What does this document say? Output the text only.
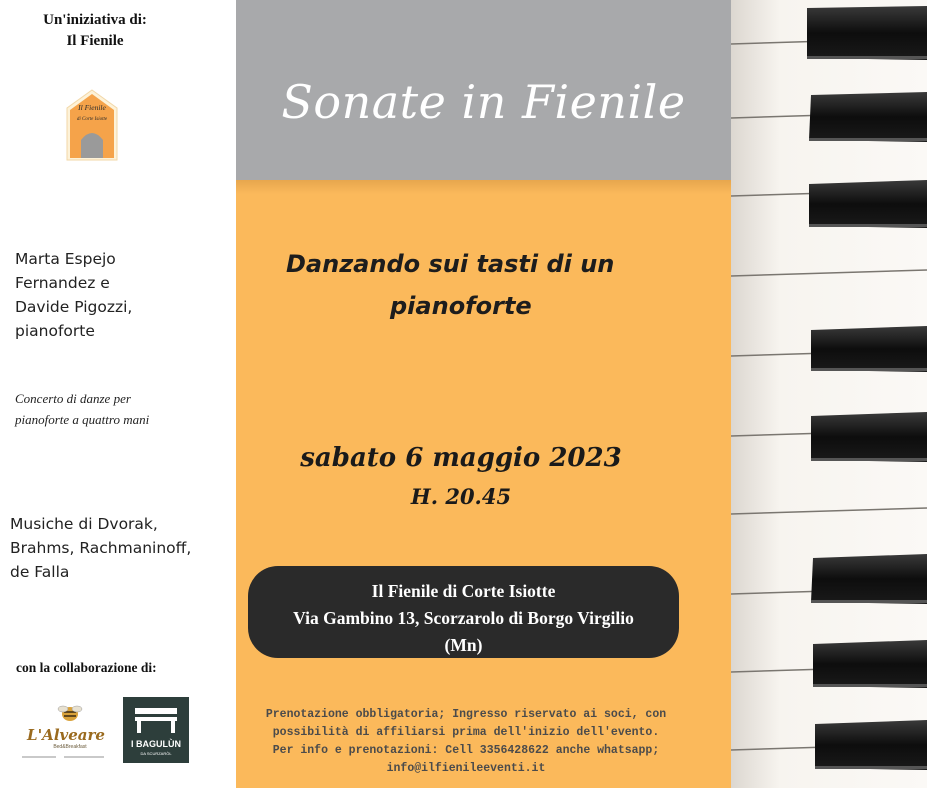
Un'iniziativa di:
Il Fienile
Il Fienile
di Corte Isiotte
Marta Espejo
Fernandez e
Davide Pigozzi,
pianoforte
Concerto di danze per
pianoforte a quattro mani
Musiche di Dvorak,
Brahms, Rachmaninoff,
de Falla
con la collaborazione di:
L'Alveare
Bed&Breakfast	I BAGULÙN
DA SCURZARÒL
Sonate in Fienile
Danzando sui tasti di un
pianoforte
sabato 6 maggio 2023
H. 20.45
Il Fienile di Corte Isiotte
Via Gambino 13, Scorzarolo di Borgo Virgilio
(Mn)
Prenotazione obbligatoria; Ingresso riservato ai soci, con
possibilità di affiliarsi prima dell'inizio dell'evento.
Per info e prenotazioni: Cell 3356428622 anche whatsapp;
info@ilfienileeventi.it
